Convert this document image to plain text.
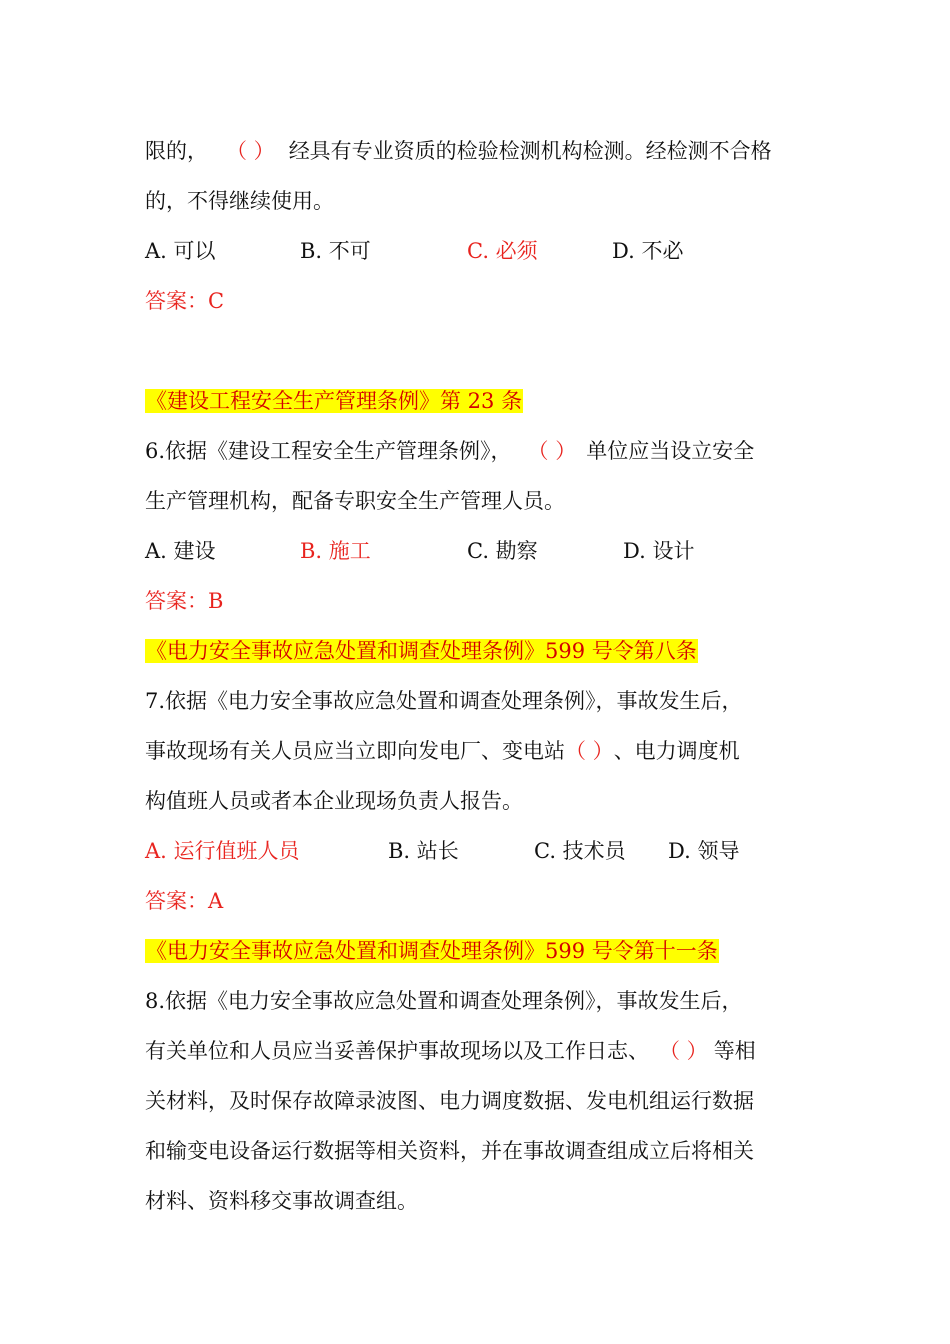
限的， （ ） 经具有专业资质的检验检测机构检测。经检测不合格
的，不得继续使用。
A. 可以	B. 不可	C. 必须	D. 不必
答案：C
《建设工程安全生产管理条例》第 23 条
6.依据《建设工程安全生产管理条例》， （ ） 单位应当设立安全
生产管理机构，配备专职安全生产管理人员。
A. 建设	B. 施工	C. 勘察	D. 设计
答案：B
《电力安全事故应急处置和调查处理条例》599 号令第八条
7.依据《电力安全事故应急处置和调查处理条例》，事故发生后，
事故现场有关人员应当立即向发电厂、变电站（ ）、电力调度机
构值班人员或者本企业现场负责人报告。
A. 运行值班人员	B. 站长	C. 技术员 D. 领导
答案：A
《电力安全事故应急处置和调查处理条例》599 号令第十一条
8.依据《电力安全事故应急处置和调查处理条例》，事故发生后，
有关单位和人员应当妥善保护事故现场以及工作日志、 （ ） 等相
关材料，及时保存故障录波图、电力调度数据、发电机组运行数据
和输变电设备运行数据等相关资料，并在事故调查组成立后将相关
材料、资料移交事故调查组。
